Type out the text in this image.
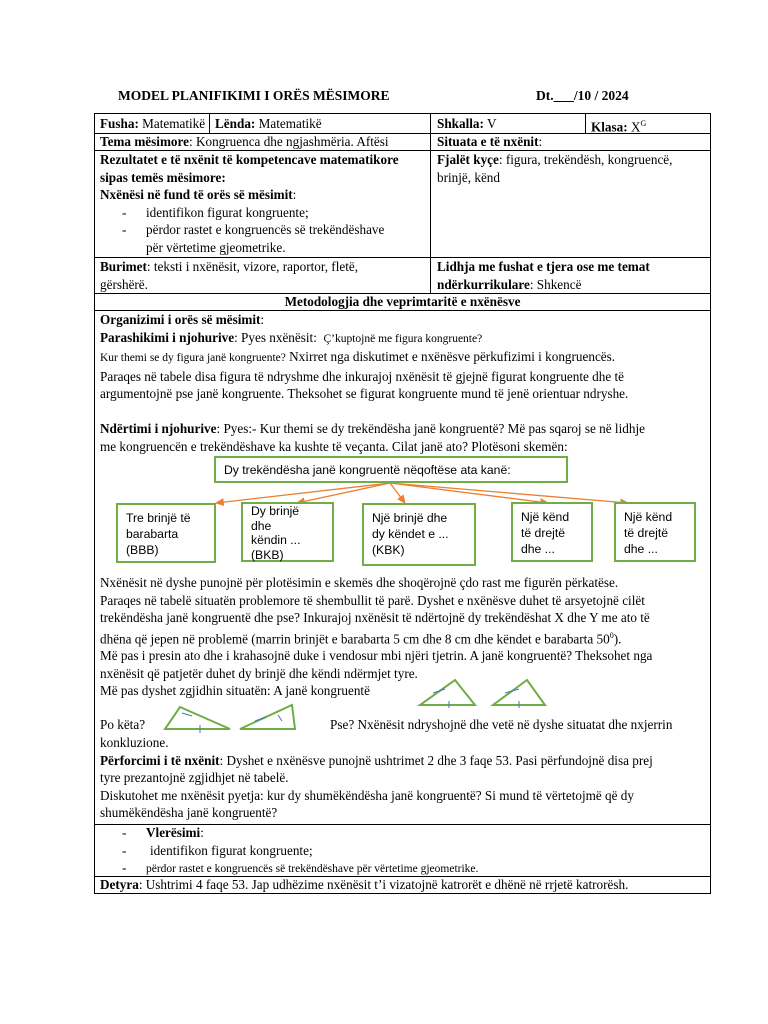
MODEL PLANIFIKIMI I ORËS MËSIMORE	Dt.___/10 / 2024
Fusha: Matematikë Lënda: Matematikë	Shkalla: V	Klasa: $X^G$
Tema mësimore: Kongruenca dhe ngjashmëria. Aftësi	Situata e të nxënit:
Rezultatet e të nxënit të kompetencave matematikore
sipas temës mësimore:
Nxënësi në fund të orës së mësimit:
- identifikon figurat kongruente;
- përdor rastet e kongruencës së trekëndëshave
për vërtetime gjeometrike.
Fjalët kyçe: figura, trekëndësh, kongruencë,
brinjë, kënd
Burimet: teksti i nxënësit, vizore, raportor, fletë,
gërshërë.
Lidhja me fushat e tjera ose me temat
ndërkurrikulare: Shkencë
Metodologjia dhe veprimtaritë e nxënësve
Organizimi i orës së mësimit:
Parashikimi i njohurive: Pyes nxënësit: Ç’kuptojnë me figura kongruente?
Kur themi se dy figura janë kongruente? Nxirret nga diskutimet e nxënësve përkufizimi i kongruencës.
Paraqes në tabele disa figura të ndryshme dhe inkurajoj nxënësit të gjejnë figurat kongruente dhe të
argumentojnë pse janë kongruente. Theksohet se figurat kongruente mund të jenë orientuar ndryshe.
Ndërtimi i njohurive: Pyes:- Kur themi se dy trekëndësha janë kongruentë? Më pas sqaroj se në lidhje
me kongruencën e trekëndëshave ka kushte të veçanta. Cilat janë ato? Plotësoni skemën:
Dy trekëndësha janë kongruentë nëqoftëse ata kanë:
Tre brinjë të
barabarta
(BBB)
Dy brinjë
dhe
këndin ...
(BKB)
Një brinjë dhe
dy këndet e ...
(KBK)
Një kënd
të drejtë
dhe ...
Një kënd
të drejtë
dhe ...
Nxënësit në dyshe punojnë për plotësimin e skemës dhe shoqërojnë çdo rast me figurën përkatëse.
Paraqes në tabelë situatën problemore të shembullit të parë. Dyshet e nxënësve duhet të arsyetojnë cilët
trekëndësha janë kongruentë dhe pse? Inkurajoj nxënësit të ndërtojnë dy trekëndëshat X dhe Y me ato të
dhëna që jepen në problemë (marrin brinjët e barabarta 5 cm dhe 8 cm dhe këndet e barabarta $50^0$).
Më pas i presin ato dhe i krahasojnë duke i vendosur mbi njëri tjetrin. A janë kongruentë? Theksohet nga
nxënësit që patjetër duhet dy brinjë dhe këndi ndërmjet tyre.
Më pas dyshet zgjidhin situatën: A janë kongruentë
Po këta?	Pse? Nxënësit ndryshojnë dhe vetë në dyshe situatat dhe nxjerrin
konkluzione.
Përforcimi i të nxënit: Dyshet e nxënësve punojnë ushtrimet 2 dhe 3 faqe 53. Pasi përfundojnë disa prej
tyre prezantojnë zgjidhjet në tabelë.
Diskutohet me nxënësit pyetja: kur dy shumëkëndësha janë kongruentë? Si mund të vërtetojmë që dy
shumëkëndësha janë kongruentë?
- Vlerësimi:
- identifikon figurat kongruente;
- përdor rastet e kongruencës së trekëndëshave për vërtetime gjeometrike.
Detyra: Ushtrimi 4 faqe 53. Jap udhëzime nxënësit t’i vizatojnë katrorët e dhënë në rrjetë katrorësh.
